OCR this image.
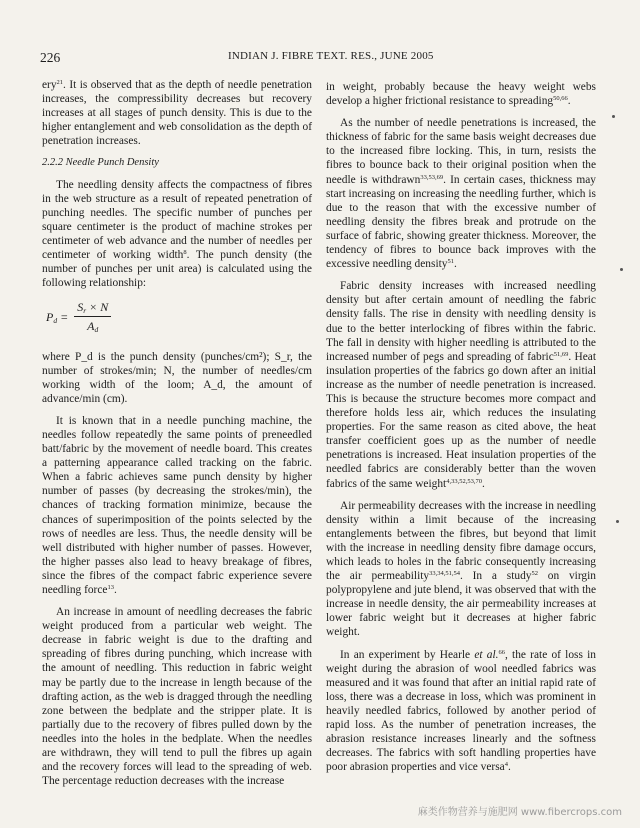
226	INDIAN J. FIBRE TEXT. RES., JUNE 2005

ery$^{21}$. It is observed that as the depth of needle penetration increases, the compressibility decreases but recovery increases at all stages of punch density. This is due to the higher entanglement and web consolidation as the depth of penetration increases.

2.2.2 Needle Punch Density

The needling density affects the compactness of fibres in the web structure as a result of repeated penetration of punching needles. The specific number of punches per square centimeter is the product of machine strokes per centimeter of web advance and the number of needles per centimeter of working width$^8$. The punch density (the number of punches per unit area) is calculated using the following relationship:

$P_d = \frac{S_r \times N}{A_d}$

where P_d is the punch density (punches/cm²); S_r, the number of strokes/min; N, the number of needles/cm working width of the loom; A_d, the amount of advance/min (cm).

It is known that in a needle punching machine, the needles follow repeatedly the same points of preneedled batt/fabric by the movement of needle board. This creates a patterning appearance called tracking on the fabric. When a fabric achieves same punch density by higher number of passes (by decreasing the strokes/min), the chances of tracking formation minimize, because the chances of superimposition of the points selected by the rows of needles are less. Thus, the needle density will be well distributed with higher number of passes. However, the higher passes also lead to heavy breakage of fibres, since the fibres of the compact fabric experience severe needling force$^{13}$.

An increase in amount of needling decreases the fabric weight produced from a particular web weight. The decrease in fabric weight is due to the drafting and spreading of fibres during punching, which increase with the amount of needling. This reduction in fabric weight may be partly due to the increase in length because of the drafting action, as the web is dragged through the needling zone between the bedplate and the stripper plate. It is partially due to the recovery of fibres pulled down by the needles into the holes in the bedplate. When the needles are withdrawn, they will tend to pull the fibres up again and the recovery forces will lead to the spreading of web. The percentage reduction decreases with the increase

in weight, probably because the heavy weight webs develop a higher frictional resistance to spreading$^{50,66}$.

As the number of needle penetrations is increased, the thickness of fabric for the same basis weight decreases due to the increased fibre locking. This, in turn, resists the fibres to bounce back to their original position when the needle is withdrawn$^{33,53,69}$. In certain cases, thickness may start increasing on increasing the needling further, which is due to the reason that with the excessive number of needling density the fibres break and protrude on the surface of fabric, showing greater thickness. Moreover, the tendency of fibres to bounce back improves with the excessive needling density$^{51}$.

Fabric density increases with increased needling density but after certain amount of needling the fabric density falls. The rise in density with needling density is due to the better interlocking of fibres within the fabric. The fall in density with higher needling is attributed to the increased number of pegs and spreading of fabric$^{51,69}$. Heat insulation properties of the fabrics go down after an initial increase as the number of needle penetration is increased. This is because the structure becomes more compact and therefore holds less air, which reduces the insulating properties. For the same reason as cited above, the heat transfer coefficient goes up as the number of needle penetrations is increased. Heat insulation properties of the needled fabrics are considerably better than the woven fabrics of the same weight$^{4,33,52,53,70}$.

Air permeability decreases with the increase in needling density within a limit because of the increasing entanglements between the fibres, but beyond that limit with the increase in needling density fibre damage occurs, which leads to holes in the fabric consequently increasing the air permeability$^{33,34,51,54}$. In a study$^{52}$ on virgin polypropylene and jute blend, it was observed that with the increase in needle density, the air permeability increases at lower fabric weight but it decreases at higher fabric weight.

In an experiment by Hearle et al.$^{66}$, the rate of loss in weight during the abrasion of wool needled fabrics was measured and it was found that after an initial rapid rate of loss, there was a decrease in loss, which was prominent in heavily needled fabrics, followed by another period of rapid loss. As the number of penetration increases, the abrasion resistance increases linearly and the softness decreases. The fabrics with soft handling properties have poor abrasion properties and vice versa$^4$.

麻类作物营养与施肥网 www.fibercrops.com
